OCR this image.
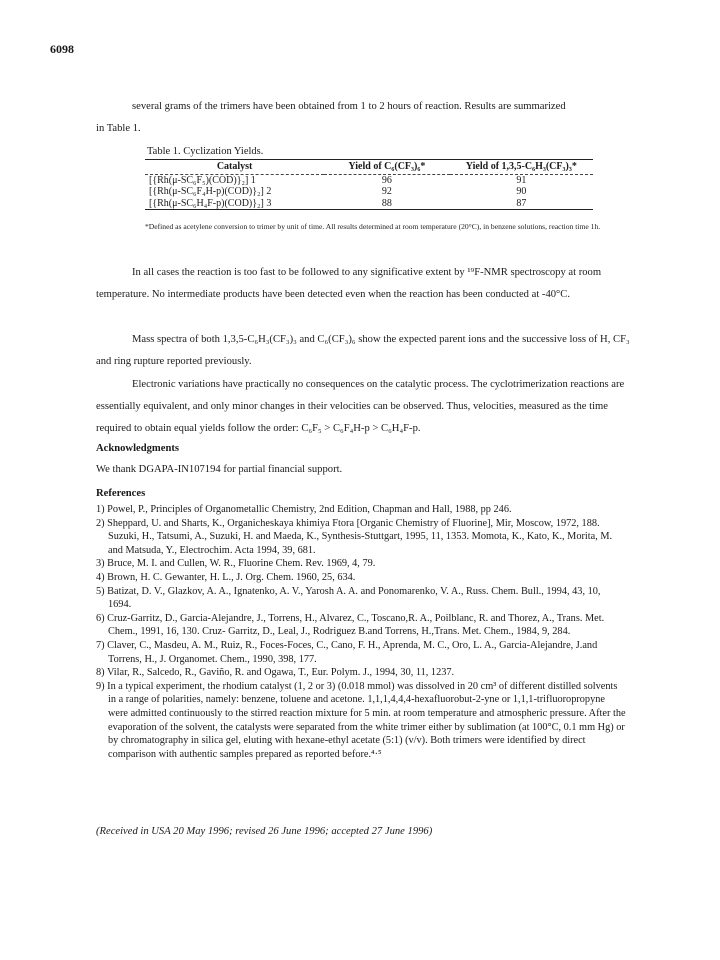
6098

several grams of the trimers have been obtained from 1 to 2 hours of reaction. Results are summarized

in Table 1.

Table 1. Cyclization Yields.
Catalyst	Yield of C₆(CF₃)₆*	Yield of 1,3,5-C₆H₃(CF₃)₃*
[{Rh(μ-SC₆F₅)(COD)}₂] 1	96	91
[{Rh(μ-SC₆F₄H-p)(COD)}₂] 2	92	90
[{Rh(μ-SC₆H₄F-p)(COD)}₂] 3	88	87
*Defined as acetylene conversion to trimer by unit of time. All results determined at room temperature (20°C), in benzene solutions, reaction time 1h.

In all cases the reaction is too fast to be followed to any significative extent by ¹⁹F-NMR spectroscopy at room temperature. No intermediate products have been detected even when the reaction has been conducted at -40°C.

Mass spectra of both 1,3,5-C₆H₃(CF₃)₃ and C₆(CF₃)₆ show the expected parent ions and the successive loss of H, CF₃ and ring rupture reported previously.

Electronic variations have practically no consequences on the catalytic process. The cyclotrimerization reactions are essentially equivalent, and only minor changes in their velocities can be observed. Thus, velocities, measured as the time required to obtain equal yields follow the order: C₆F₅ > C₆F₄H-p > C₆H₄F-p.

Acknowledgments
We thank DGAPA-IN107194 for partial financial support.
References
1) Powel, P., Principles of Organometallic Chemistry, 2nd Edition, Chapman and Hall, 1988, pp 246.
2) Sheppard, U. and Sharts, K., Organicheskaya khimiya Ftora [Organic Chemistry of Fluorine], Mir, Moscow, 1972, 188. Suzuki, H., Tatsumi, A., Suzuki, H. and Maeda, K., Synthesis-Stuttgart, 1995, 11, 1353. Momota, K., Kato, K., Morita, M. and Matsuda, Y., Electrochim. Acta 1994, 39, 681.
3) Bruce, M. I. and Cullen, W. R., Fluorine Chem. Rev. 1969, 4, 79.
4) Brown, H. C. Gewanter, H. L., J. Org. Chem. 1960, 25, 634.
5) Batizat, D. V., Glazkov, A. A., Ignatenko, A. V., Yarosh A. A. and Ponomarenko, V. A., Russ. Chem. Bull., 1994, 43, 10, 1694.
6) Cruz-Garritz, D., Garcia-Alejandre, J., Torrens, H., Alvarez, C., Toscano,R. A., Poilblanc, R. and Thorez, A., Trans. Met. Chem., 1991, 16, 130. Cruz- Garritz, D., Leal, J., Rodriguez B.and Torrens, H.,Trans. Met. Chem., 1984, 9, 284.
7) Claver, C., Masdeu, A. M., Ruiz, R., Foces-Foces, C., Cano, F. H., Aprenda, M. C., Oro, L. A., Garcia-Alejandre, J.and Torrens, H., J. Organomet. Chem., 1990, 398, 177.
8) Vilar, R., Salcedo, R., Gaviño, R. and Ogawa, T., Eur. Polym. J., 1994, 30, 11, 1237.
9) In a typical experiment, the rhodium catalyst (1, 2 or 3) (0.018 mmol) was dissolved in 20 cm³ of different distilled solvents in a range of polarities, namely: benzene, toluene and acetone. 1,1,1,4,4,4-hexafluorobut-2-yne or 1,1,1-trifluoropropyne were admitted continuously to the stirred reaction mixture for 5 min. at room temperature and atmospheric pressure. After the evaporation of the solvent, the catalysts were separated from the white trimer either by sublimation (at 100°C, 0.1 mm Hg) or by chromatography in silica gel, eluting with hexane-ethyl acetate (5:1) (v/v). Both trimers were identified by direct comparison with authentic samples prepared as reported before.⁴·⁵
(Received in USA 20 May 1996; revised 26 June 1996; accepted 27 June 1996)
